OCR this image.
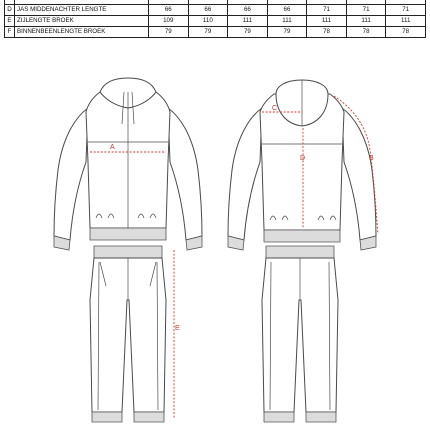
D	JAS MIDDENACHTER LENGTE	66	66	66	66	71	71	71
E	ZIJLENGTE BROEK	109	110	111	111	111	111	111
F	BINNENBEENLENGTE BROEK	79	79	79	79	78	78	78
A
C
D	B
E
